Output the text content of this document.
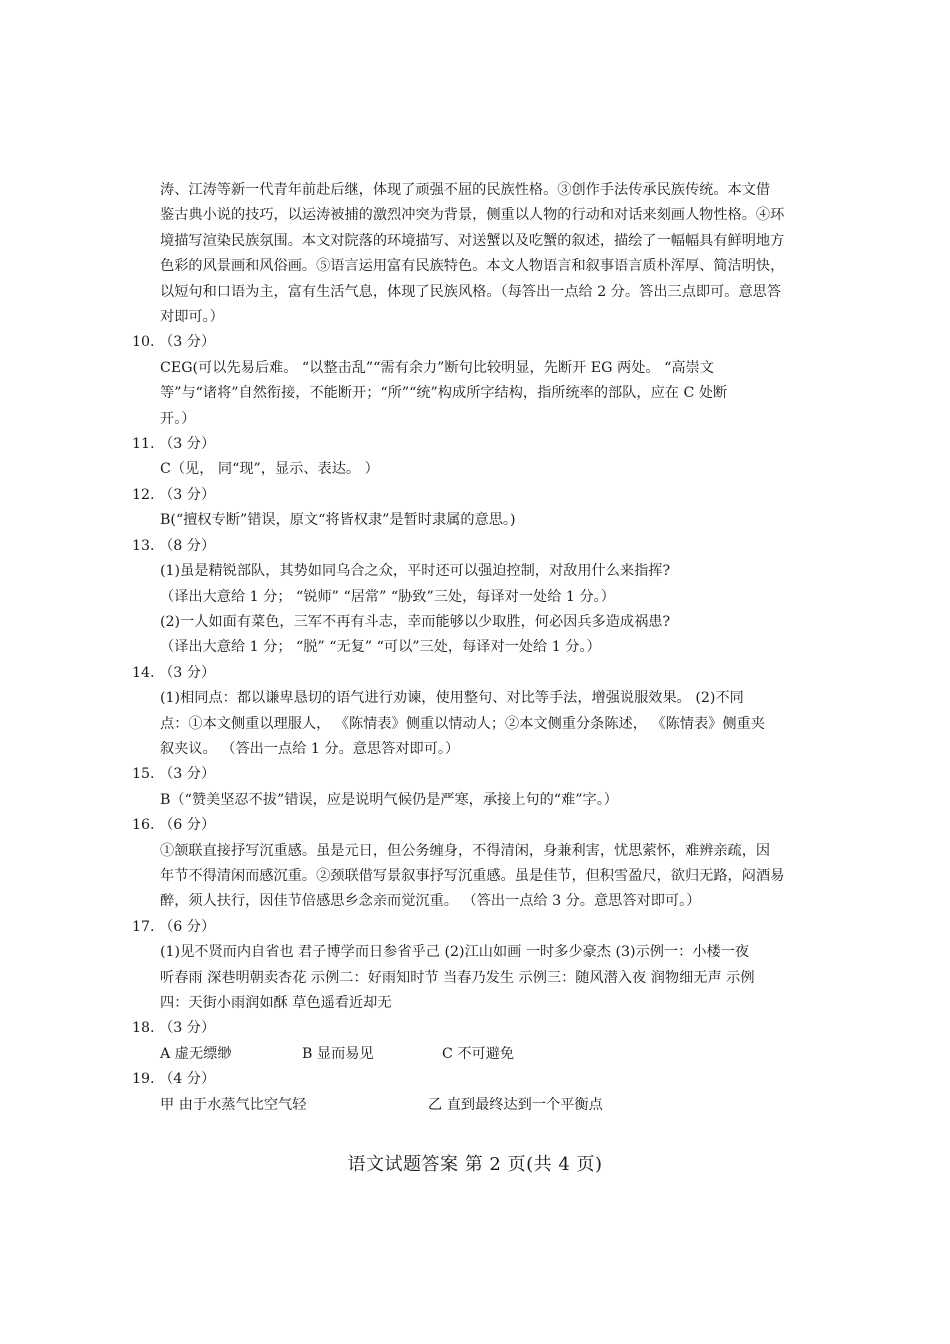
涛、江涛等新一代青年前赴后继，体现了顽强不屈的民族性格。③创作手法传承民族传统。本文借
鉴古典小说的技巧，以运涛被捕的激烈冲突为背景，侧重以人物的行动和对话来刻画人物性格。④环
境描写渲染民族氛围。本文对院落的环境描写、对送蟹以及吃蟹的叙述，描绘了一幅幅具有鲜明地方
色彩的风景画和风俗画。⑤语言运用富有民族特色。本文人物语言和叙事语言质朴浑厚、简洁明快，
以短句和口语为主，富有生活气息，体现了民族风格。（每答出一点给 2 分。答出三点即可。意思答
对即可。）
10. （3 分）
CEG(可以先易后难。 “以整击乱”“需有余力”断句比较明显，先断开 EG 两处。 “高崇文
等”与“诸将”自然衔接，不能断开；“所”“统”构成所字结构，指所统率的部队，应在 C 处断
开。）
11. （3 分）
C（见， 同“现”，显示、表达。 ）
12. （3 分）
B(“擅权专断”错误，原文“将皆权隶”是暂时隶属的意思。)
13. （8 分）
(1)虽是精锐部队，其势如同乌合之众，平时还可以强迫控制，对敌用什么来指挥?
（译出大意给 1 分； “锐师” “居常” “胁致”三处，每译对一处给 1 分。）
(2)一人如面有菜色，三军不再有斗志，幸而能够以少取胜，何必因兵多造成祸患?
（译出大意给 1 分； “脱” “无复” “可以”三处，每译对一处给 1 分。）
14. （3 分）
(1)相同点：都以谦卑恳切的语气进行劝谏，使用整句、对比等手法，增强说服效果。 (2)不同
点：①本文侧重以理服人， 《陈情表》侧重以情动人；②本文侧重分条陈述， 《陈情表》侧重夹
叙夹议。 （答出一点给 1 分。意思答对即可。）
15. （3 分）
B（“赞美坚忍不拔”错误，应是说明气候仍是严寒，承接上句的“难”字。）
16. （6 分）
①颔联直接抒写沉重感。虽是元日，但公务缠身，不得清闲，身兼利害，忧思萦怀，难辨亲疏，因
年节不得清闲而感沉重。②颈联借写景叙事抒写沉重感。虽是佳节，但积雪盈尺，欲归无路，闷酒易
醉，须人扶行，因佳节倍感思乡念亲而觉沉重。 （答出一点给 3 分。意思答对即可。）
17. （6 分）
(1)见不贤而内自省也 君子博学而日参省乎己 (2)江山如画 一时多少豪杰 (3)示例一：小楼一夜
听春雨 深巷明朝卖杏花 示例二：好雨知时节 当春乃发生 示例三：随风潜入夜 润物细无声 示例
四：天街小雨润如酥 草色遥看近却无
18. （3 分）
A 虚无缥缈	B 显而易见	C 不可避免
19. （4 分）
甲 由于水蒸气比空气轻	乙 直到最终达到一个平衡点
语文试题答案 第 2 页(共 4 页)
